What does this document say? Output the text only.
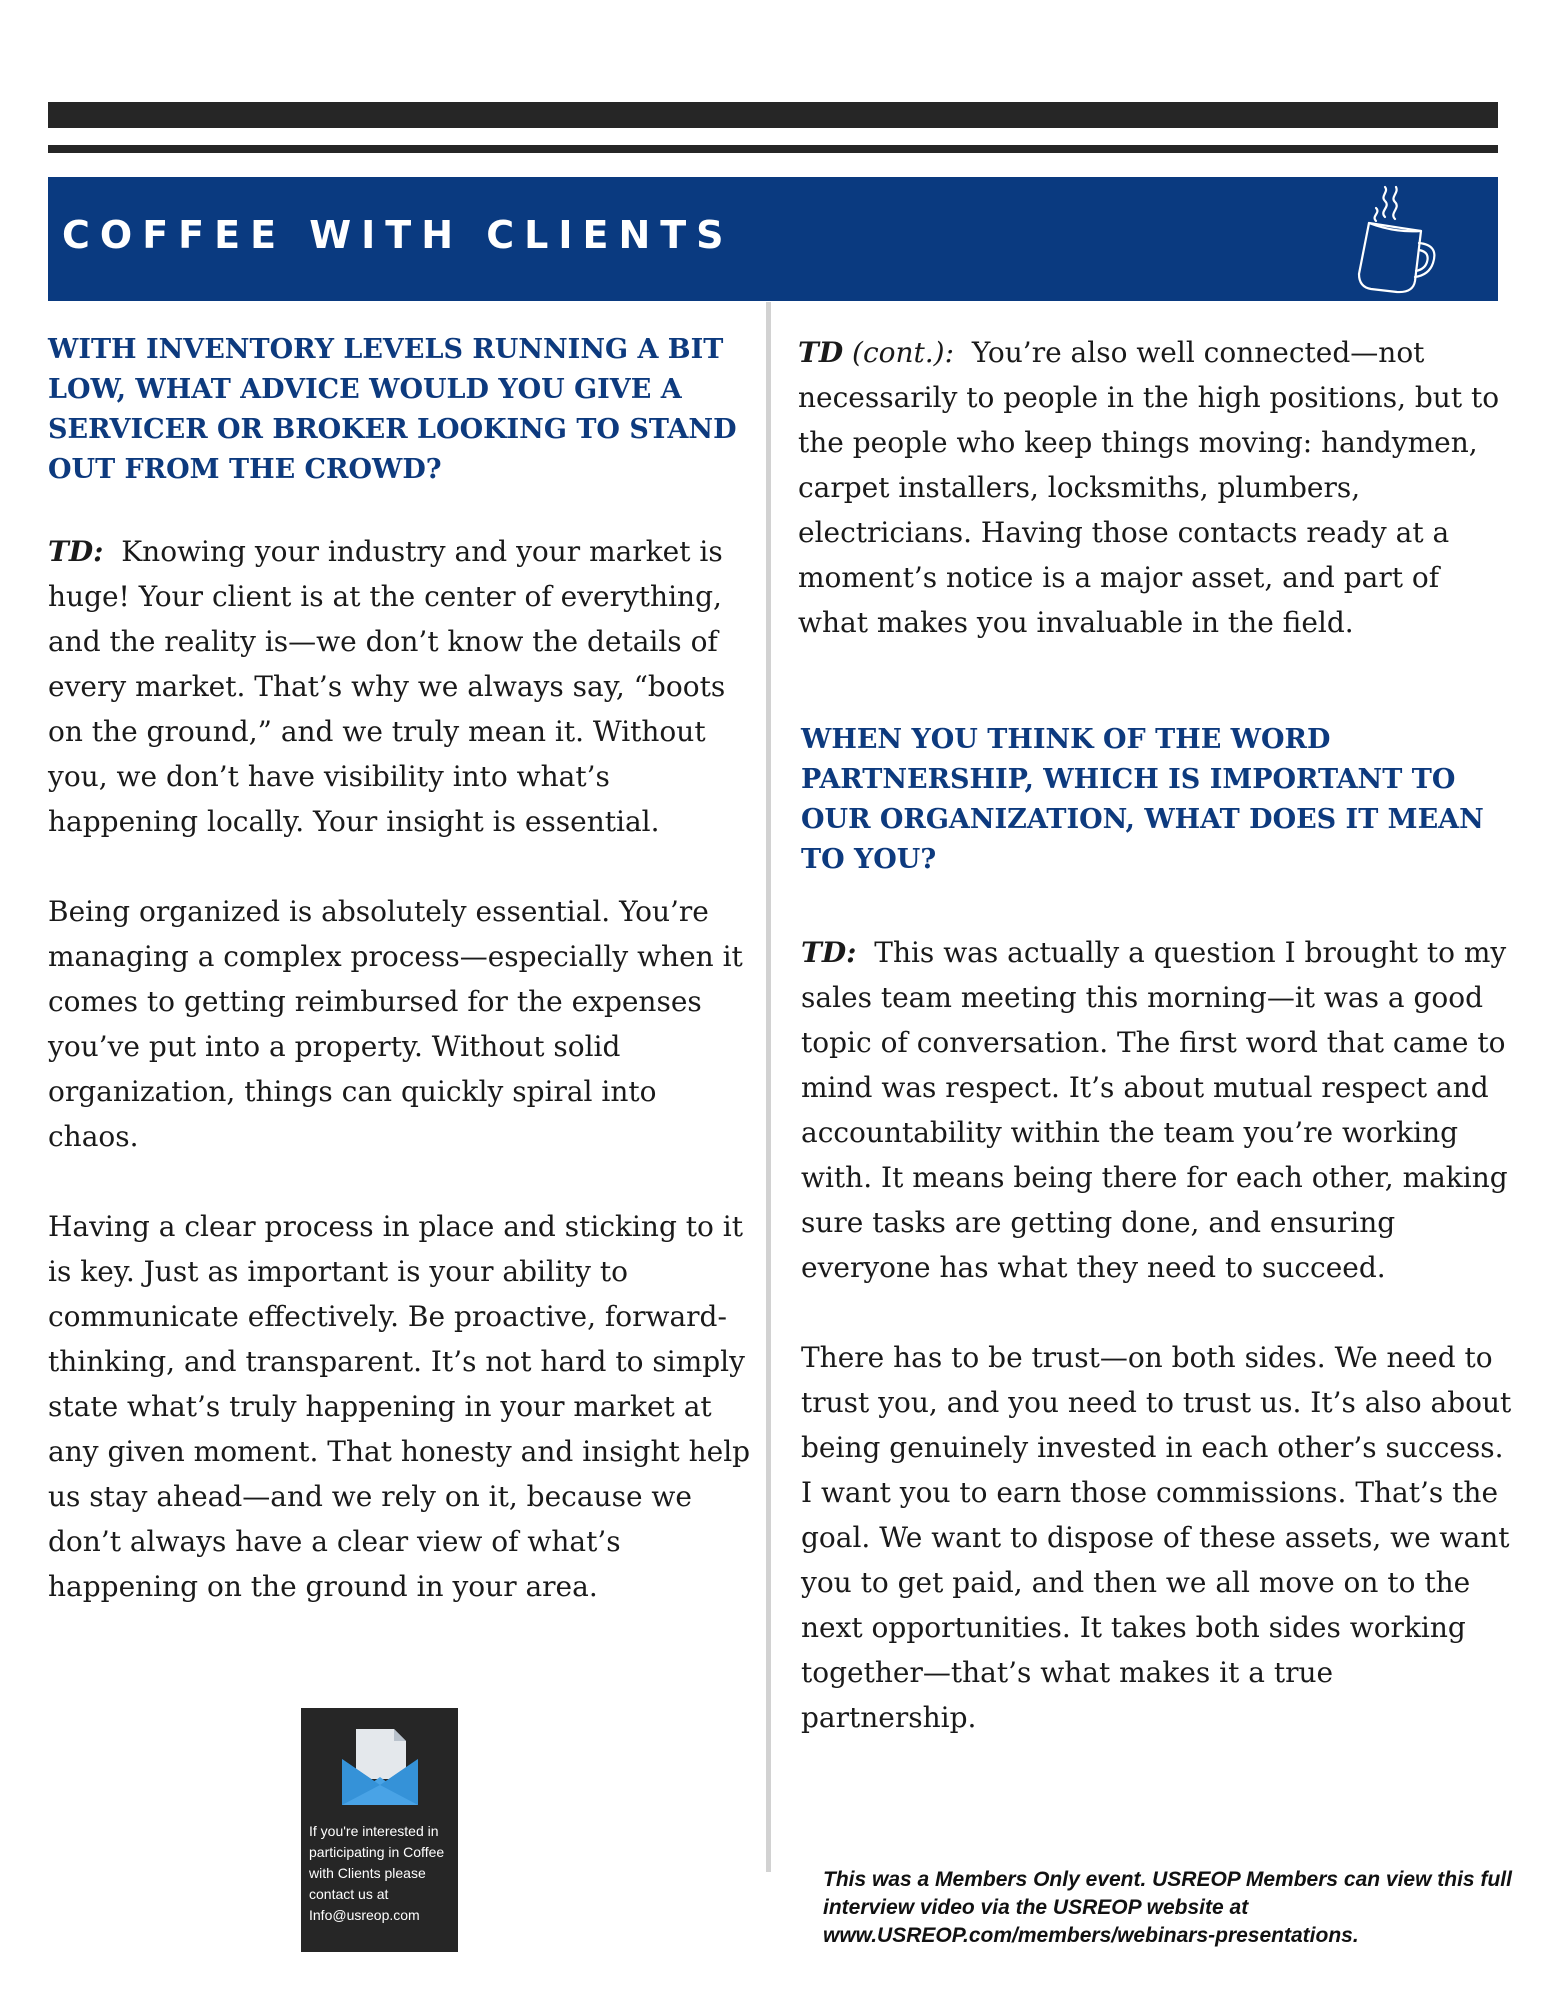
COFFEE WITH CLIENTS
WITH INVENTORY LEVELS RUNNING A BIT LOW, WHAT ADVICE WOULD YOU GIVE A SERVICER OR BROKER LOOKING TO STAND OUT FROM THE CROWD?
TD: Knowing your industry and your market is huge! Your client is at the center of everything, and the reality is—we don’t know the details of every market. That’s why we always say, “boots on the ground,” and we truly mean it. Without you, we don’t have visibility into what’s happening locally. Your insight is essential.
Being organized is absolutely essential. You’re managing a complex process—especially when it comes to getting reimbursed for the expenses you’ve put into a property. Without solid organization, things can quickly spiral into chaos.
Having a clear process in place and sticking to it is key. Just as important is your ability to communicate effectively. Be proactive, forward-thinking, and transparent. It’s not hard to simply state what’s truly happening in your market at any given moment. That honesty and insight help us stay ahead—and we rely on it, because we don’t always have a clear view of what’s happening on the ground in your area.
TD (cont.): You’re also well connected—not necessarily to people in the high positions, but to the people who keep things moving: handymen, carpet installers, locksmiths, plumbers, electricians. Having those contacts ready at a moment’s notice is a major asset, and part of what makes you invaluable in the field.
WHEN YOU THINK OF THE WORD PARTNERSHIP, WHICH IS IMPORTANT TO OUR ORGANIZATION, WHAT DOES IT MEAN TO YOU?
TD: This was actually a question I brought to my sales team meeting this morning—it was a good topic of conversation. The first word that came to mind was respect. It’s about mutual respect and accountability within the team you’re working with. It means being there for each other, making sure tasks are getting done, and ensuring everyone has what they need to succeed.
There has to be trust—on both sides. We need to trust you, and you need to trust us. It’s also about being genuinely invested in each other’s success. I want you to earn those commissions. That’s the goal. We want to dispose of these assets, we want you to get paid, and then we all move on to the next opportunities. It takes both sides working together—that’s what makes it a true partnership.
If you're interested in participating in Coffee with Clients please contact us at Info@usreop.com
This was a Members Only event. USREOP Members can view this full interview video via the USREOP website at www.USREOP.com/members/webinars-presentations.
